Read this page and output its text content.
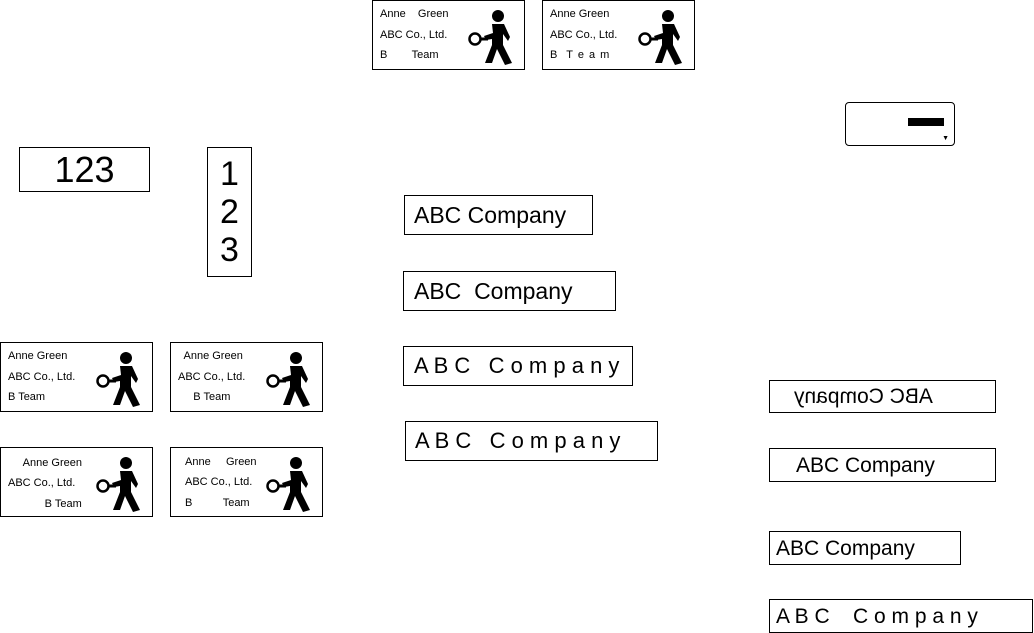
Anne    Green
ABC Co., Ltd.
B        Team
Anne Green
ABC Co., Ltd.
B  T e a m
Anne Green
ABC Co., Ltd.
B Team
Anne Green
ABC Co., Ltd.
B Team
Anne Green
ABC Co., Ltd.
B Team
Anne     Green
ABC Co., Ltd.
B          Team
123	1
2
3
ABC Company
ABC  Company
A B C   C o m p a n y
A B C   C o m p a n y
ABC Company
ABC Company
ABC Company
A B C    C o m p a n y
▼
